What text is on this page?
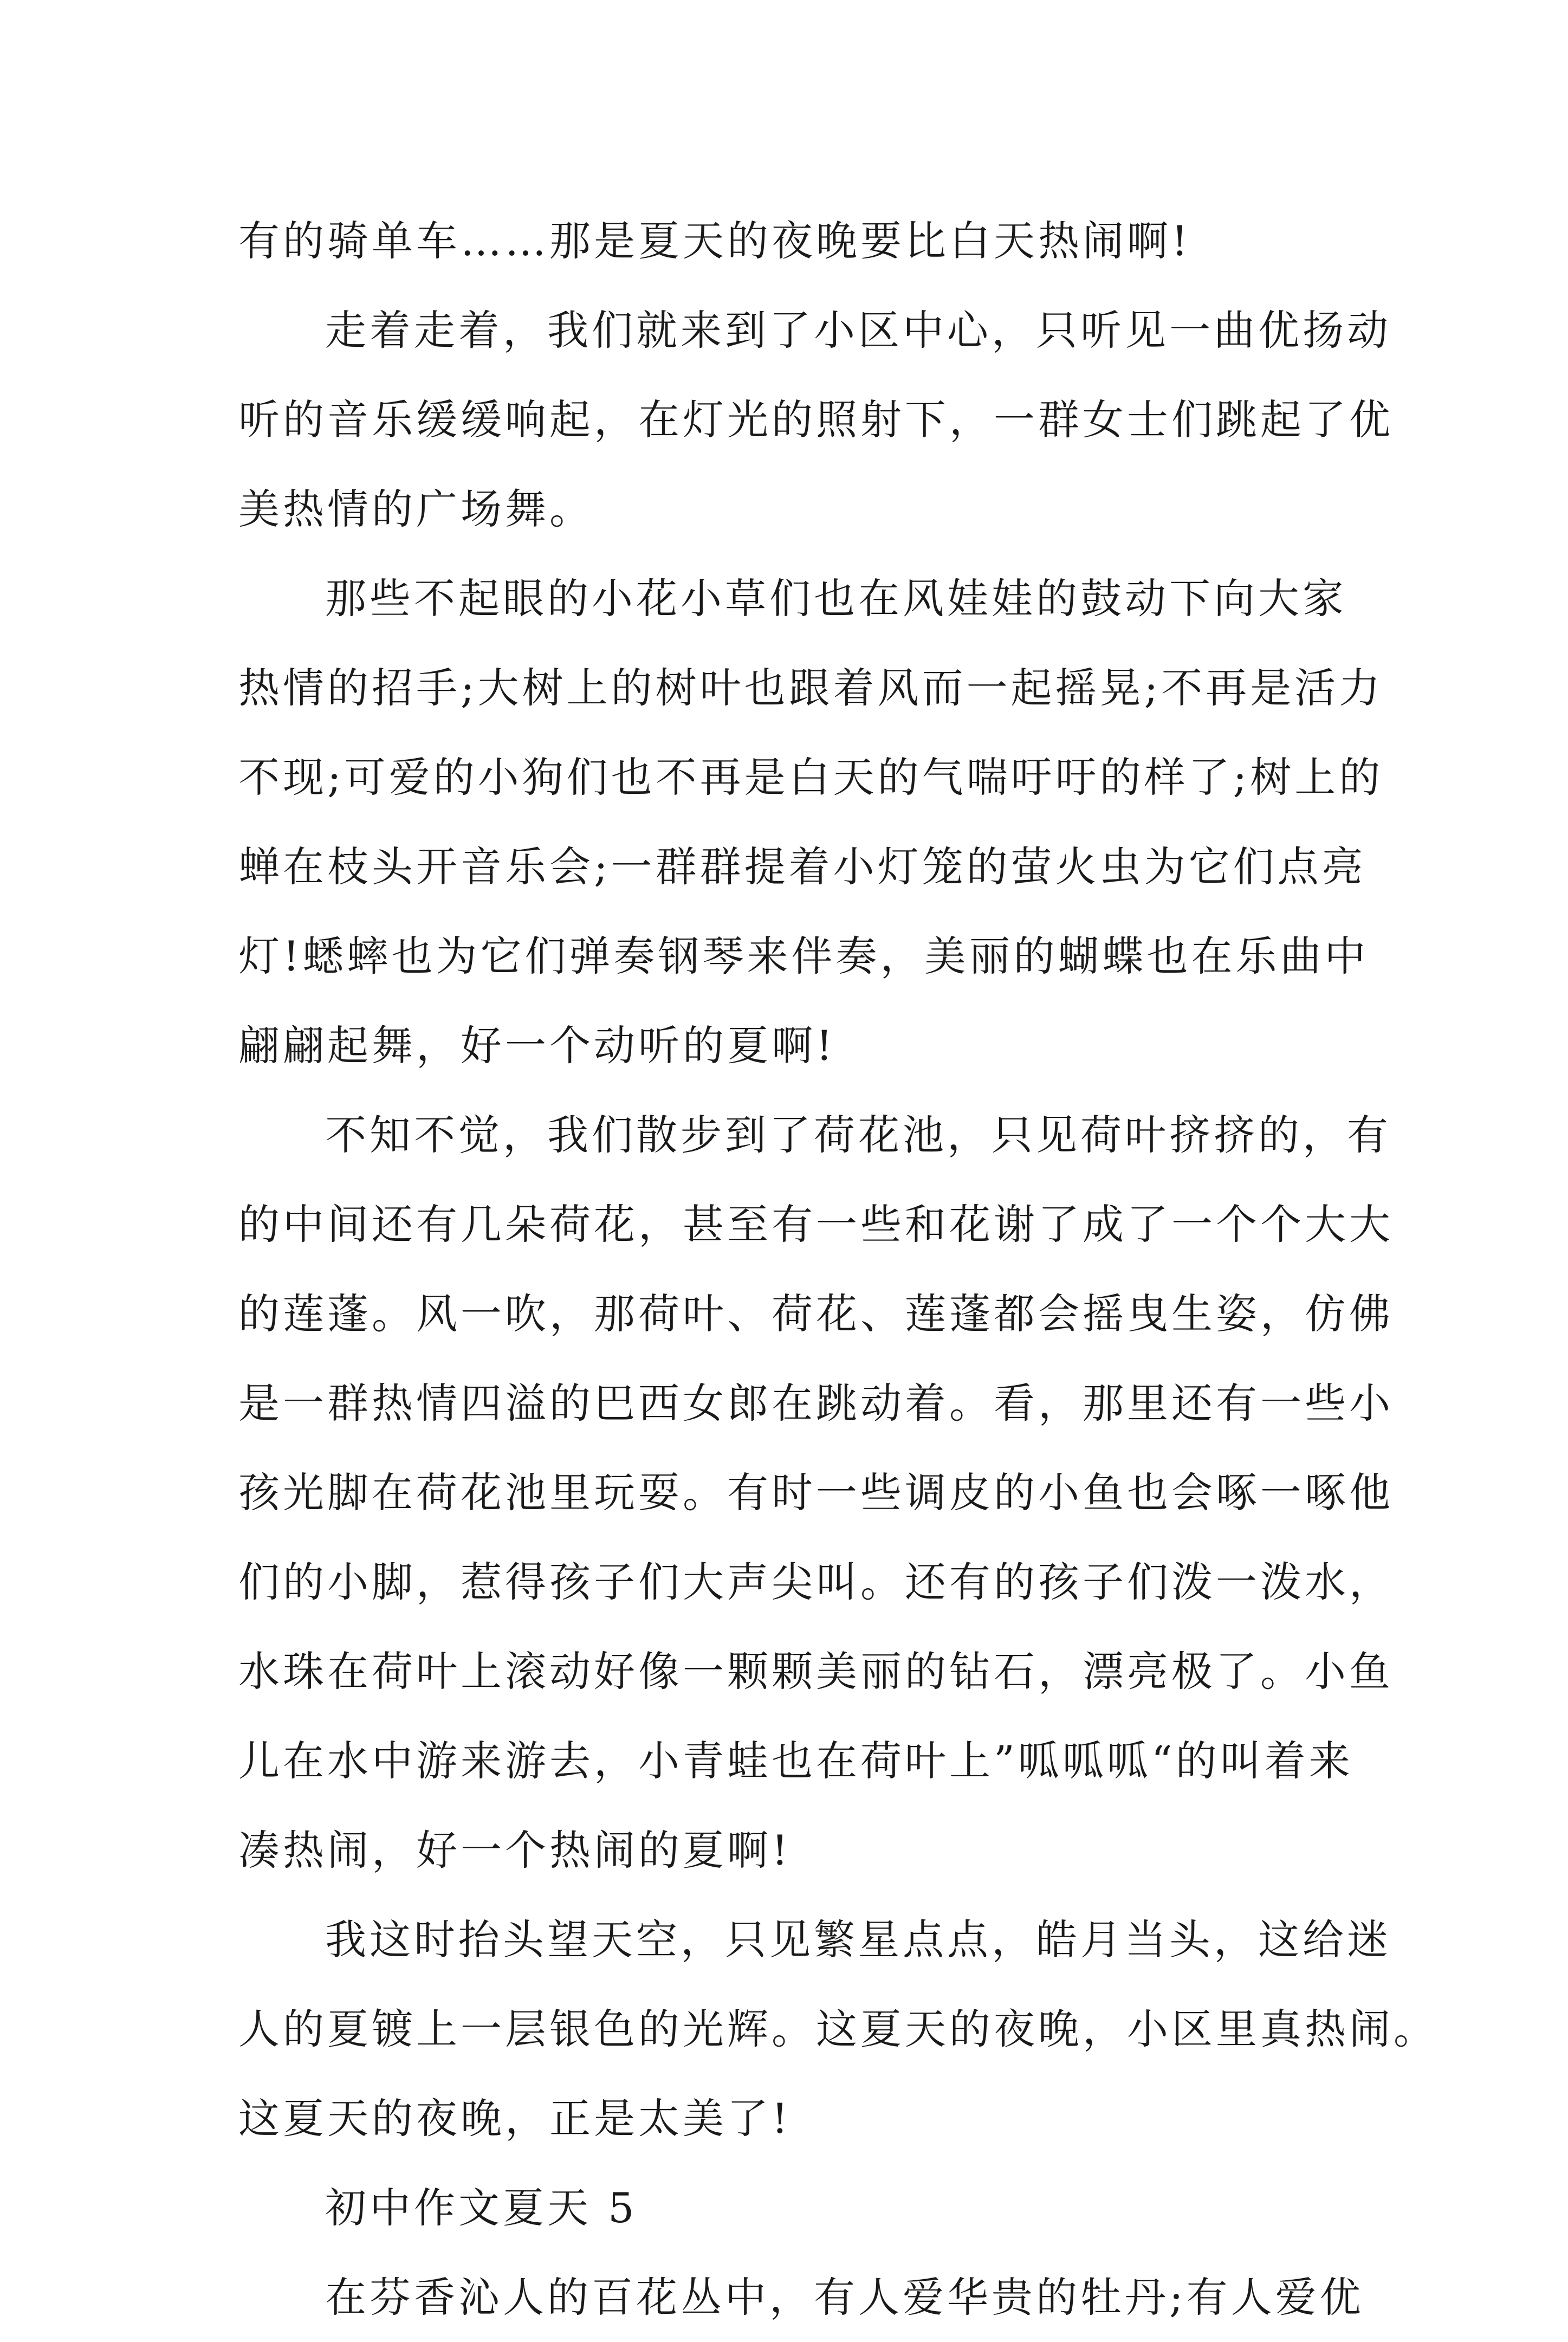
有的骑单车……那是夏天的夜晚要比白天热闹啊!
走着走着，我们就来到了小区中心，只听见一曲优扬动
听的音乐缓缓响起，在灯光的照射下，一群女士们跳起了优
美热情的广场舞。
那些不起眼的小花小草们也在风娃娃的鼓动下向大家
热情的招手;大树上的树叶也跟着风而一起摇晃;不再是活力
不现;可爱的小狗们也不再是白天的气喘吁吁的样了;树上的
蝉在枝头开音乐会;一群群提着小灯笼的萤火虫为它们点亮
灯!蟋蟀也为它们弹奏钢琴来伴奏，美丽的蝴蝶也在乐曲中
翩翩起舞，好一个动听的夏啊!
不知不觉，我们散步到了荷花池，只见荷叶挤挤的，有
的中间还有几朵荷花，甚至有一些和花谢了成了一个个大大
的莲蓬。风一吹，那荷叶、荷花、莲蓬都会摇曳生姿，仿佛
是一群热情四溢的巴西女郎在跳动着。看，那里还有一些小
孩光脚在荷花池里玩耍。有时一些调皮的小鱼也会啄一啄他
们的小脚，惹得孩子们大声尖叫。还有的孩子们泼一泼水，
水珠在荷叶上滚动好像一颗颗美丽的钻石，漂亮极了。小鱼
儿在水中游来游去，小青蛙也在荷叶上”呱呱呱“的叫着来
凑热闹，好一个热闹的夏啊!
我这时抬头望天空，只见繁星点点，皓月当头，这给迷
人的夏镀上一层银色的光辉。这夏天的夜晚，小区里真热闹。
这夏天的夜晚，正是太美了!
初中作文夏天 5
在芬香沁人的百花丛中，有人爱华贵的牡丹;有人爱优
